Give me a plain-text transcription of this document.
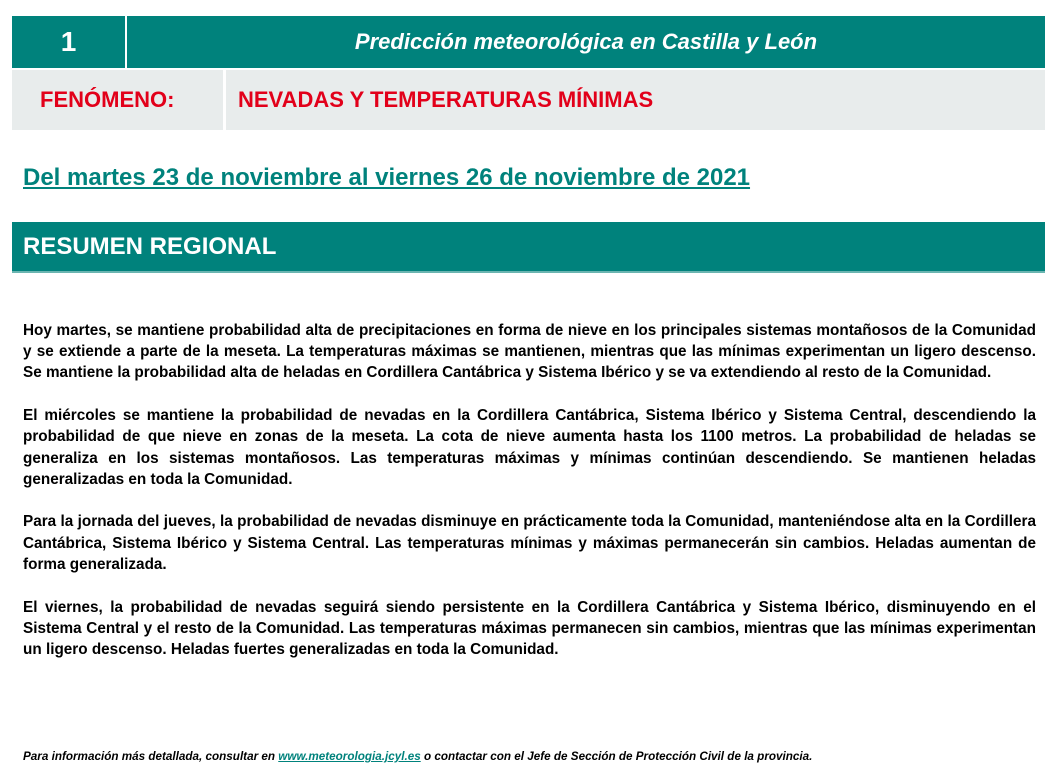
1	Predicción meteorológica en Castilla y León
FENÓMENO:	NEVADAS Y TEMPERATURAS MÍNIMAS
Del martes 23 de noviembre al viernes 26 de noviembre de 2021
RESUMEN REGIONAL

Hoy martes, se mantiene probabilidad alta de precipitaciones en forma de nieve en los principales sistemas montañosos de la Comunidad y se extiende a parte de la meseta. La temperaturas máximas se mantienen, mientras que las mínimas experimentan un ligero descenso. Se mantiene la probabilidad alta de heladas en Cordillera Cantábrica y Sistema Ibérico y se va extendiendo al resto de la Comunidad.

El miércoles se mantiene la probabilidad de nevadas en la Cordillera Cantábrica, Sistema Ibérico y Sistema Central, descendiendo la probabilidad de que nieve en zonas de la meseta. La cota de nieve aumenta hasta los 1100 metros. La probabilidad de heladas se generaliza en los sistemas montañosos. Las temperaturas máximas y mínimas continúan descendiendo. Se mantienen heladas generalizadas en toda la Comunidad.

Para la jornada del jueves, la probabilidad de nevadas disminuye en prácticamente toda la Comunidad, manteniéndose alta en la Cordillera Cantábrica, Sistema Ibérico y Sistema Central. Las temperaturas mínimas y máximas permanecerán sin cambios. Heladas aumentan de forma generalizada.

El viernes, la probabilidad de nevadas seguirá siendo persistente en la Cordillera Cantábrica y Sistema Ibérico, disminuyendo en el Sistema Central y el resto de la Comunidad. Las temperaturas máximas permanecen sin cambios, mientras que las mínimas experimentan un ligero descenso. Heladas fuertes generalizadas en toda la Comunidad.

Para información más detallada, consultar en www.meteorologia.jcyl.es o contactar con el Jefe de Sección de Protección Civil de la provincia.
